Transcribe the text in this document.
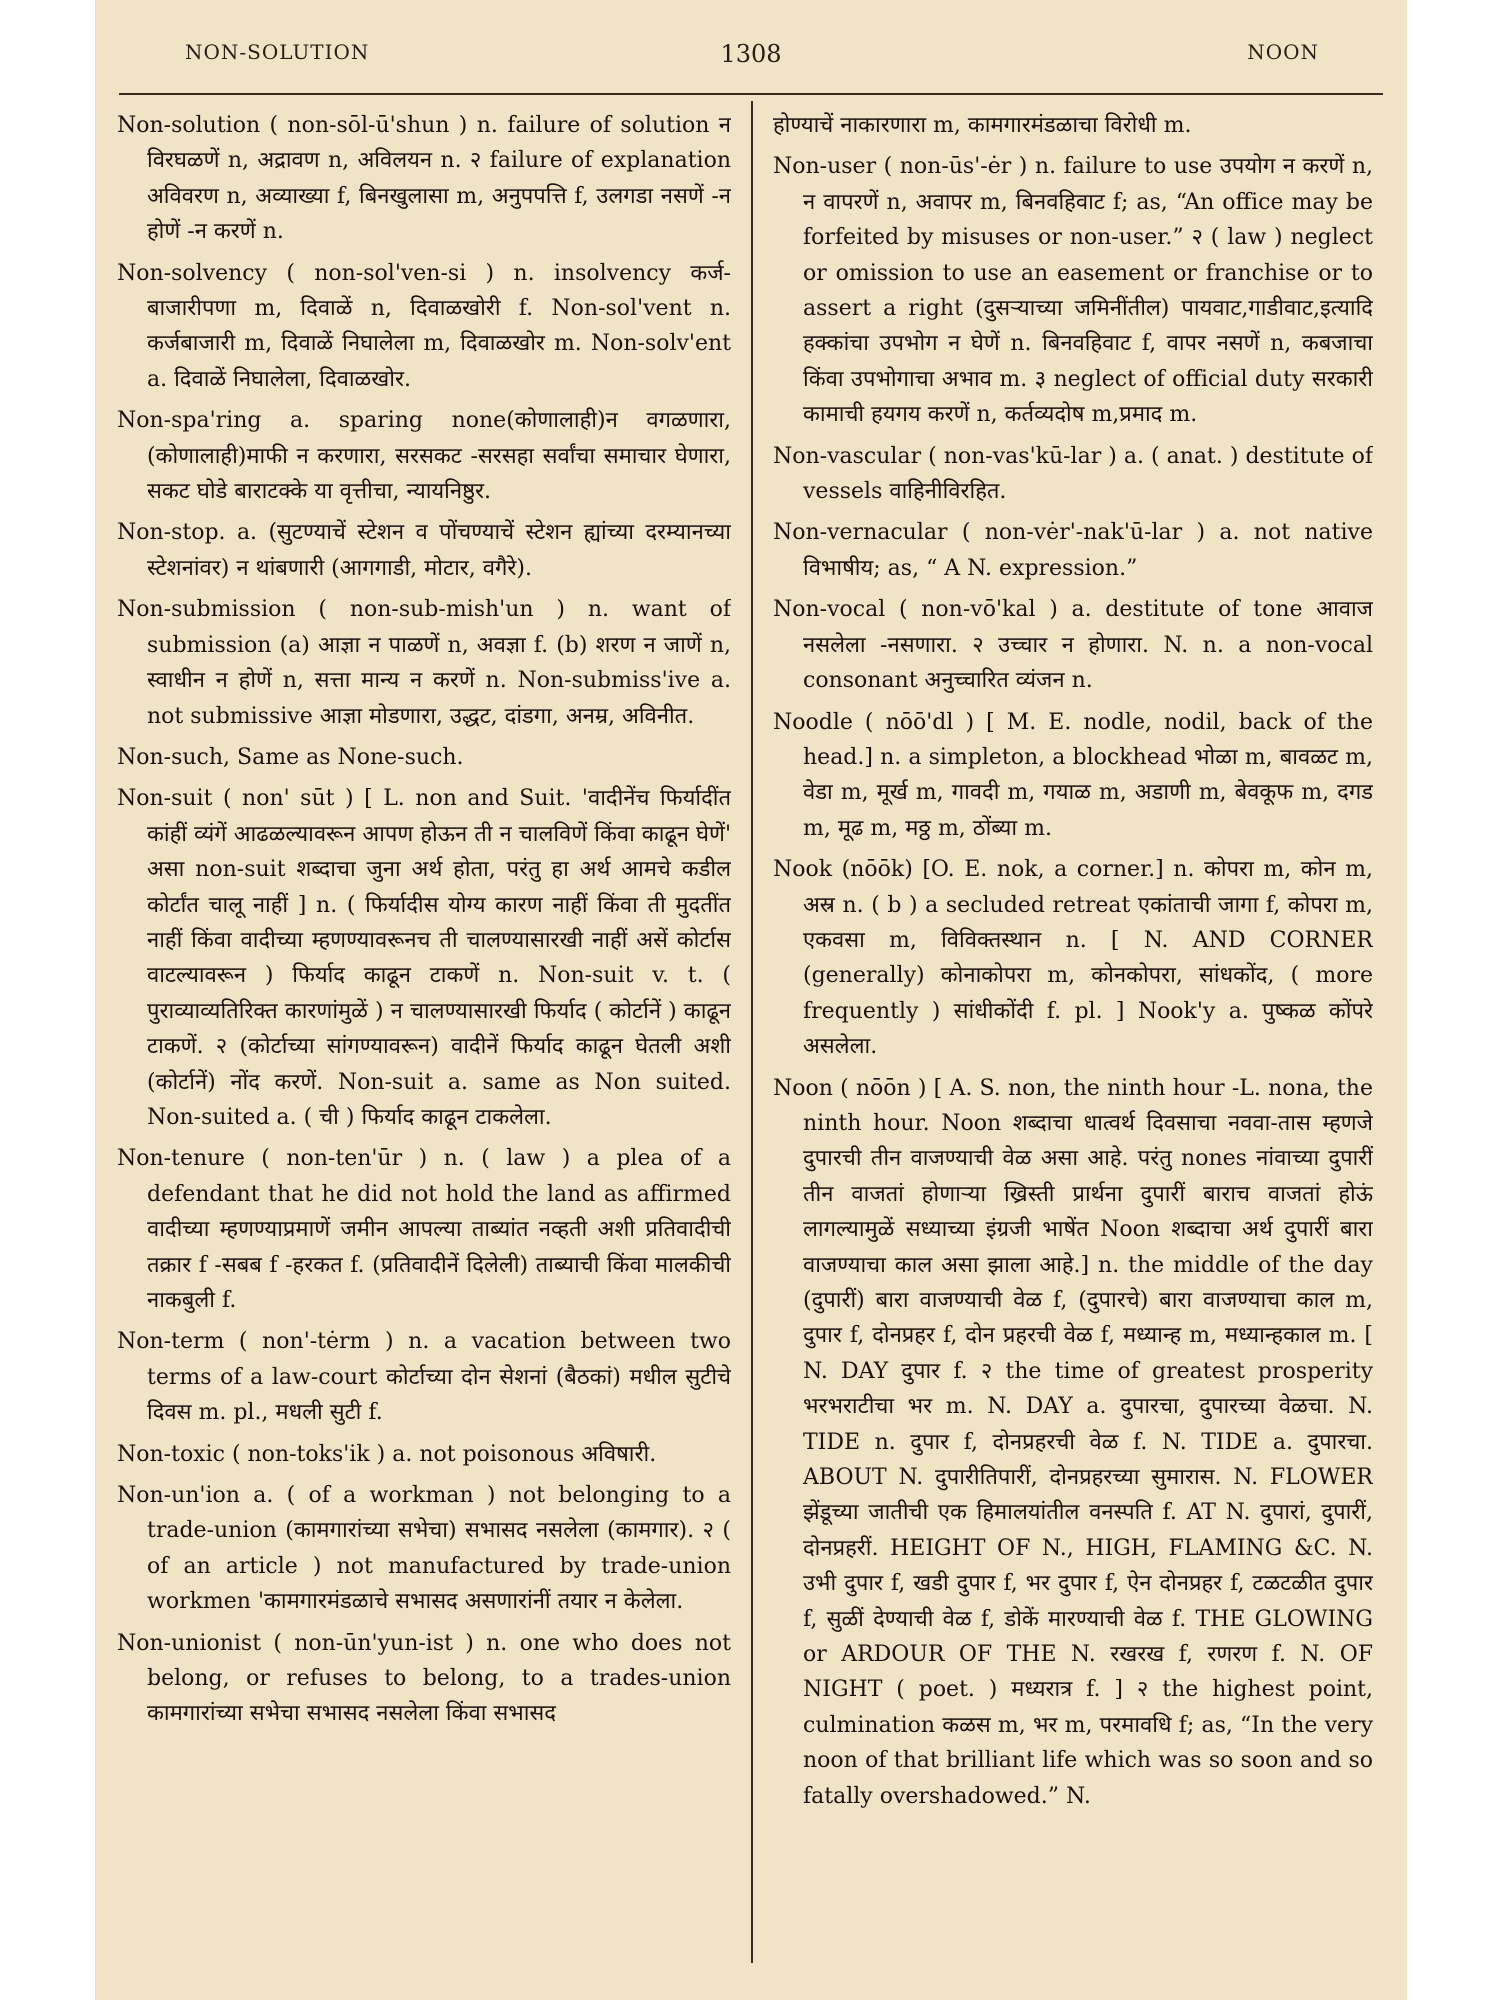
NON-SOLUTION	1308	NOON

Non-solution ( non-sōl-ū'shun ) n. failure of solution न विरघळणें n, अद्रावण n, अविलयन n. २ failure of explanation अविवरण n, अव्याख्या f, बिनखुलासा m, अनुपपत्ति f, उलगडा नसणें -न होणें -न करणें n.

Non-solvency ( non-sol'ven-si ) n. insolvency कर्ज-बाजारीपणा m, दिवाळें n, दिवाळखोरी f. Non-sol'vent n. कर्जबाजारी m, दिवाळें निघालेला m, दिवाळखोर m. Non-solv'ent a. दिवाळें निघालेला, दिवाळखोर.

Non-spa'ring a. sparing none(कोणालाही)न वगळणारा, (कोणालाही)माफी न करणारा, सरसकट -सरसहा सर्वांचा समाचार घेणारा, सकट घोडे बाराटक्के या वृत्तीचा, न्यायनिष्ठुर.

Non-stop. a. (सुटण्याचें स्टेशन व पोंचण्याचें स्टेशन ह्यांच्या दरम्यानच्या स्टेशनांवर) न थांबणारी (आगगाडी, मोटार, वगैरे).

Non-submission ( non-sub-mish'un ) n. want of submission (a) आज्ञा न पाळणें n, अवज्ञा f. (b) शरण न जाणें n, स्वाधीन न होणें n, सत्ता मान्य न करणें n. Non-submiss'ive a. not submissive आज्ञा मोडणारा, उद्धट, दांडगा, अनम्र, अविनीत.

Non-such, Same as None-such.

Non-suit ( non' sūt ) [ L. non and Suit. 'वादीनेंच फिर्यादींत कांहीं व्यंगें आढळल्यावरून आपण होऊन ती न चालविणें किंवा काढून घेणें' असा non-suit शब्दाचा जुना अर्थ होता, परंतु हा अर्थ आमचे कडील कोर्टांत चालू नाहीं ] n. ( फिर्यादीस योग्य कारण नाहीं किंवा ती मुदतींत नाहीं किंवा वादीच्या म्हणण्यावरूनच ती चालण्यासारखी नाहीं असें कोर्टास वाटल्यावरून ) फिर्याद काढून टाकणें n. Non-suit v. t. ( पुराव्याव्यतिरिक्त कारणांमुळें ) न चालण्यासारखी फिर्याद ( कोर्टानें ) काढून टाकणें. २ (कोर्टाच्या सांगण्यावरून) वादीनें फिर्याद काढून घेतली अशी (कोर्टानें) नोंद करणें. Non-suit a. same as Non suited. Non-suited a. ( ची ) फिर्याद काढून टाकलेला.

Non-tenure ( non-ten'ūr ) n. ( law ) a plea of a defendant that he did not hold the land as affirmed वादीच्या म्हणण्याप्रमाणें जमीन आपल्या ताब्यांत नव्हती अशी प्रतिवादीची तक्रार f -सबब f -हरकत f. (प्रतिवादीनें दिलेली) ताब्याची किंवा मालकीची नाकबुली f.

Non-term ( non'-tėrm ) n. a vacation between two terms of a law-court कोर्टाच्या दोन सेशनां (बैठकां) मधील सुटीचे दिवस m. pl., मधली सुटी f.

Non-toxic ( non-toks'ik ) a. not poisonous अविषारी.

Non-un'ion a. ( of a workman ) not belonging to a trade-union (कामगारांच्या सभेचा) सभासद नसलेला (कामगार). २ ( of an article ) not manufactured by trade-union workmen 'कामगारमंडळाचे सभासद असणारांनीं तयार न केलेला.

Non-unionist ( non-ūn'yun-ist ) n. one who does not belong, or refuses to belong, to a trades-union कामगारांच्या सभेचा सभासद नसलेला किंवा सभासद

होण्याचें नाकारणारा m, कामगारमंडळाचा विरोधी m.

Non-user ( non-ūs'-ėr ) n. failure to use उपयोग न करणें n, न वापरणें n, अवापर m, बिनवहिवाट f; as, “An office may be forfeited by misuses or non-user.” २ ( law ) neglect or omission to use an easement or franchise or to assert a right (दुसऱ्याच्या जमिनींतील) पायवाट,गाडीवाट,इत्यादि हक्कांचा उपभोग न घेणें n. बिनवहिवाट f, वापर नसणें n, कबजाचा किंवा उपभोगाचा अभाव m. ३ neglect of official duty सरकारी कामाची हयगय करणें n, कर्तव्यदोष m,प्रमाद m.

Non-vascular ( non-vas'kū-lar ) a. ( anat. ) destitute of vessels वाहिनीविरहित.

Non-vernacular ( non-vėr'-nak'ū-lar ) a. not native विभाषीय; as, “ A N. expression.”

Non-vocal ( non-vō'kal ) a. destitute of tone आवाज नसलेला -नसणारा. २ उच्चार न होणारा. N. n. a non-vocal consonant अनुच्चारित व्यंजन n.

Noodle ( nōō'dl ) [ M. E. nodle, nodil, back of the head.] n. a simpleton, a blockhead भोळा m, बावळट m, वेडा m, मूर्ख m, गावदी m, गयाळ m, अडाणी m, बेवकूफ m, दगड m, मूढ m, मठ्ठ m, ठोंब्या m.

Nook (nōōk) [O. E. nok, a corner.] n. कोपरा m, कोन m, अस्र n. ( b ) a secluded retreat एकांताची जागा f, कोपरा m, एकवसा m, विविक्तस्थान n. [ N. AND CORNER (generally) कोनाकोपरा m, कोनकोपरा, सांधकोंद, ( more frequently ) सांधीकोंदी f. pl. ] Nook'y a. पुष्कळ कोंपरे असलेला.

Noon ( nōōn ) [ A. S. non, the ninth hour -L. nona, the ninth hour. Noon शब्दाचा धात्वर्थ दिवसाचा नववा-तास म्हणजे दुपारची तीन वाजण्याची वेळ असा आहे. परंतु nones नांवाच्या दुपारीं तीन वाजतां होणाऱ्या ख्रिस्ती प्रार्थना दुपारीं बाराच वाजतां होऊं लागल्यामुळें सध्याच्या इंग्रजी भाषेंत Noon शब्दाचा अर्थ दुपारीं बारा वाजण्याचा काल असा झाला आहे.] n. the middle of the day (दुपारीं) बारा वाजण्याची वेळ f, (दुपारचे) बारा वाजण्याचा काल m, दुपार f, दोनप्रहर f, दोन प्रहरची वेळ f, मध्यान्ह m, मध्यान्हकाल m. [ N. DAY दुपार f. २ the time of greatest prosperity भरभराटीचा भर m. N. DAY a. दुपारचा, दुपारच्या वेळचा. N. TIDE n. दुपार f, दोनप्रहरची वेळ f. N. TIDE a. दुपारचा. ABOUT N. दुपारीतिपारीं, दोनप्रहरच्या सुमारास. N. FLOWER झेंडूच्या जातीची एक हिमालयांतील वनस्पति f. AT N. दुपारां, दुपारीं, दोनप्रहरीं. HEIGHT OF N., HIGH, FLAMING &C. N. उभी दुपार f, खडी दुपार f, भर दुपार f, ऐन दोनप्रहर f, टळटळीत दुपार f, सुळीं देण्याची वेळ f, डोकें मारण्याची वेळ f. THE GLOWING or ARDOUR OF THE N. रखरख f, रणरण f. N. OF NIGHT ( poet. ) मध्यरात्र f. ] २ the highest point, culmination कळस m, भर m, परमावधि f; as, “In the very noon of that brilliant life which was so soon and so fatally overshadowed.” N.
